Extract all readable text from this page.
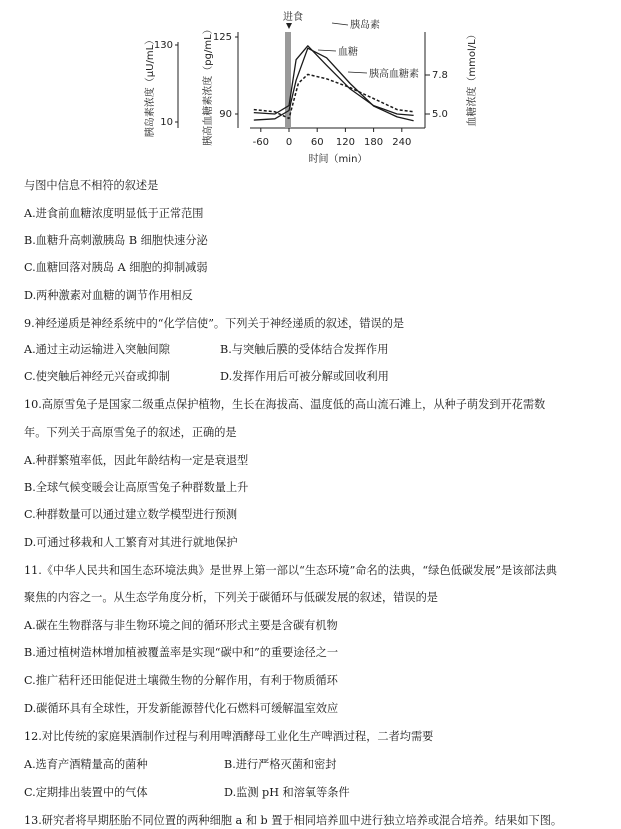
130
10
胰岛素浓度（μU/mL）	125
90
胰高血糖素浓度（pg/mL）
进食
-60 0 60 120 180 240
时间（min）
7.8
5.0 血糖浓度（mmol/L）
胰岛素
血糖
胰高血糖素
与图中信息不相符的叙述是
A.进食前血糖浓度明显低于正常范围
B.血糖升高刺激胰岛 B 细胞快速分泌
C.血糖回落对胰岛 A 细胞的抑制减弱
D.两种激素对血糖的调节作用相反
9.神经递质是神经系统中的“化学信使”。下列关于神经递质的叙述，错误的是
A.通过主动运输进入突触间隙	B.与突触后膜的受体结合发挥作用
C.使突触后神经元兴奋或抑制	D.发挥作用后可被分解或回收利用
10.高原雪兔子是国家二级重点保护植物，生长在海拔高、温度低的高山流石滩上，从种子萌发到开花需数
年。下列关于高原雪兔子的叙述，正确的是
A.种群繁殖率低，因此年龄结构一定是衰退型
B.全球气候变暖会让高原雪兔子种群数量上升
C.种群数量可以通过建立数学模型进行预测
D.可通过移栽和人工繁育对其进行就地保护
11.《中华人民共和国生态环境法典》是世界上第一部以“生态环境”命名的法典，“绿色低碳发展”是该部法典
聚焦的内容之一。从生态学角度分析，下列关于碳循环与低碳发展的叙述，错误的是
A.碳在生物群落与非生物环境之间的循环形式主要是含碳有机物
B.通过植树造林增加植被覆盖率是实现“碳中和”的重要途径之一
C.推广秸秆还田能促进土壤微生物的分解作用，有利于物质循环
D.碳循环具有全球性，开发新能源替代化石燃料可缓解温室效应
12.对比传统的家庭果酒制作过程与利用啤酒酵母工业化生产啤酒过程，二者均需要
A.选育产酒精量高的菌种	B.进行严格灭菌和密封
C.定期排出装置中的气体	D.监测 pH 和溶氧等条件
13.研究者将早期胚胎不同位置的两种细胞 a 和 b 置于相同培养皿中进行独立培养或混合培养。结果如下图。
